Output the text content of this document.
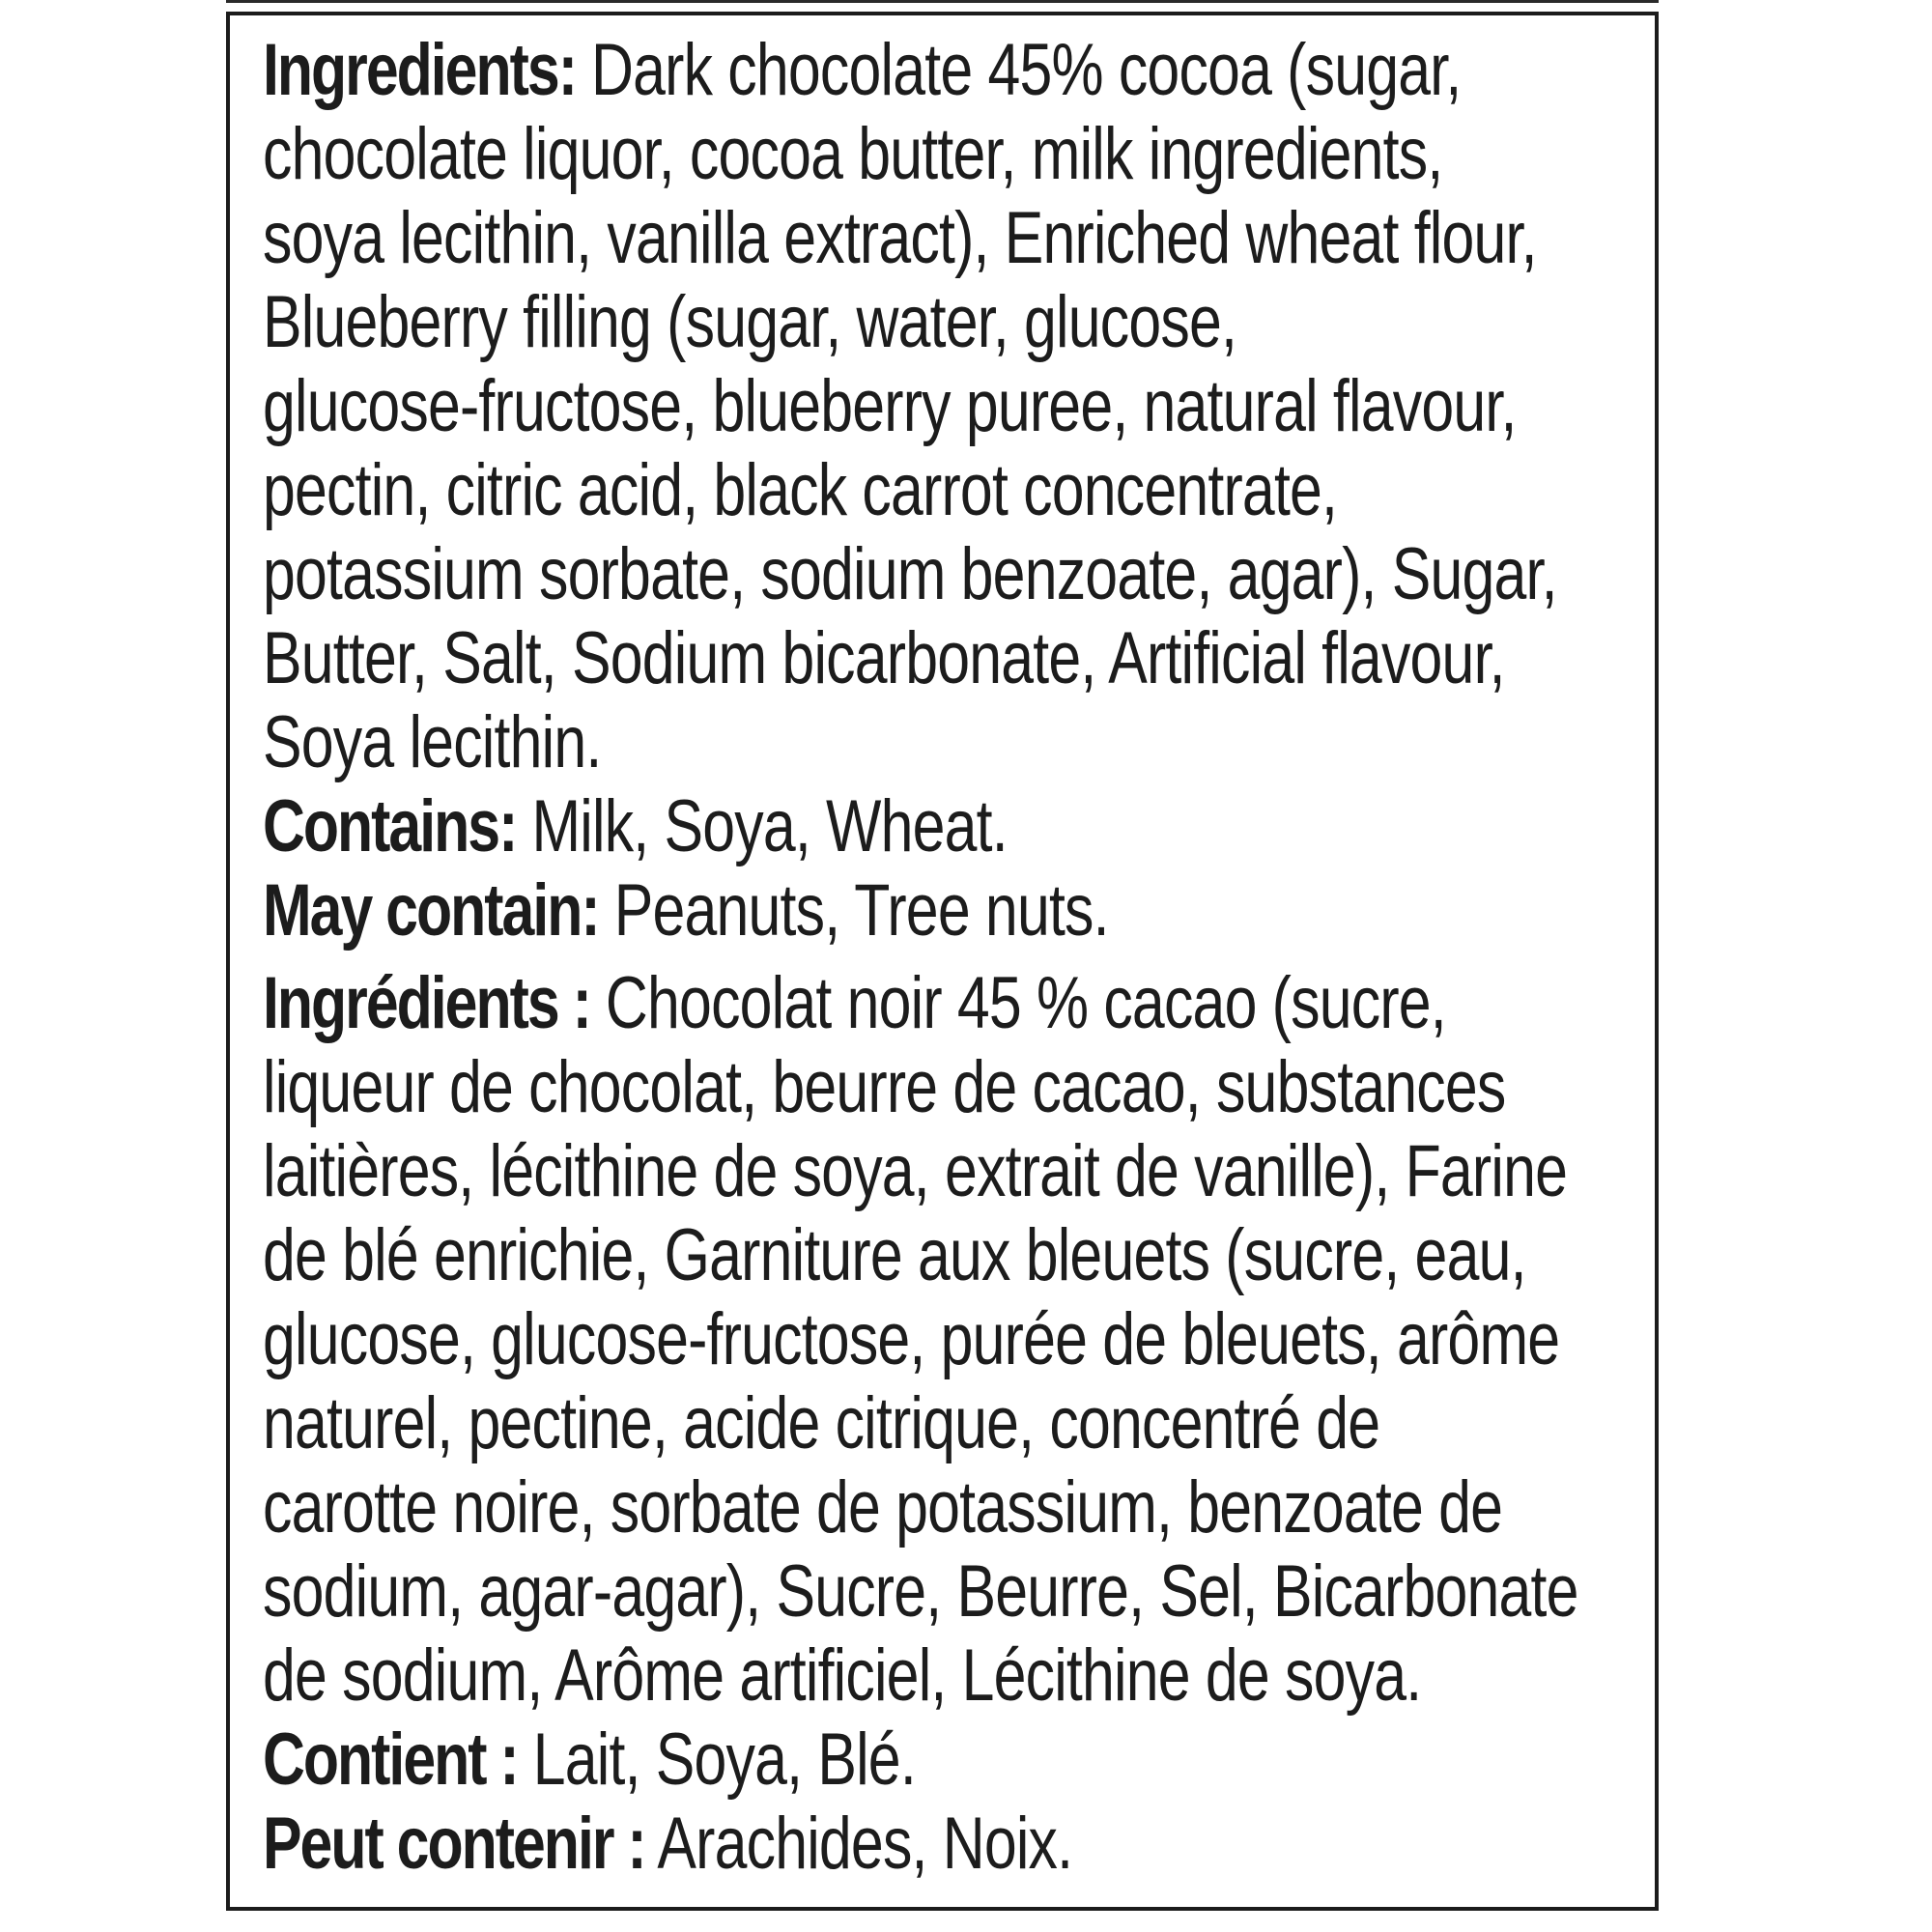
Ingredients: Dark chocolate 45% cocoa (sugar,
chocolate liquor, cocoa butter, milk ingredients,
soya lecithin, vanilla extract), Enriched wheat flour,
Blueberry filling (sugar, water, glucose,
glucose-fructose, blueberry puree, natural flavour,
pectin, citric acid, black carrot concentrate,
potassium sorbate, sodium benzoate, agar), Sugar,
Butter, Salt, Sodium bicarbonate, Artificial flavour,
Soya lecithin.
Contains: Milk, Soya, Wheat.
May contain: Peanuts, Tree nuts.
Ingrédients : Chocolat noir 45 % cacao (sucre,
liqueur de chocolat, beurre de cacao, substances
laitières, lécithine de soya, extrait de vanille), Farine
de blé enrichie, Garniture aux bleuets (sucre, eau,
glucose, glucose-fructose, purée de bleuets, arôme
naturel, pectine, acide citrique, concentré de
carotte noire, sorbate de potassium, benzoate de
sodium, agar-agar), Sucre, Beurre, Sel, Bicarbonate
de sodium, Arôme artificiel, Lécithine de soya.
Contient : Lait, Soya, Blé.
Peut contenir : Arachides, Noix.
